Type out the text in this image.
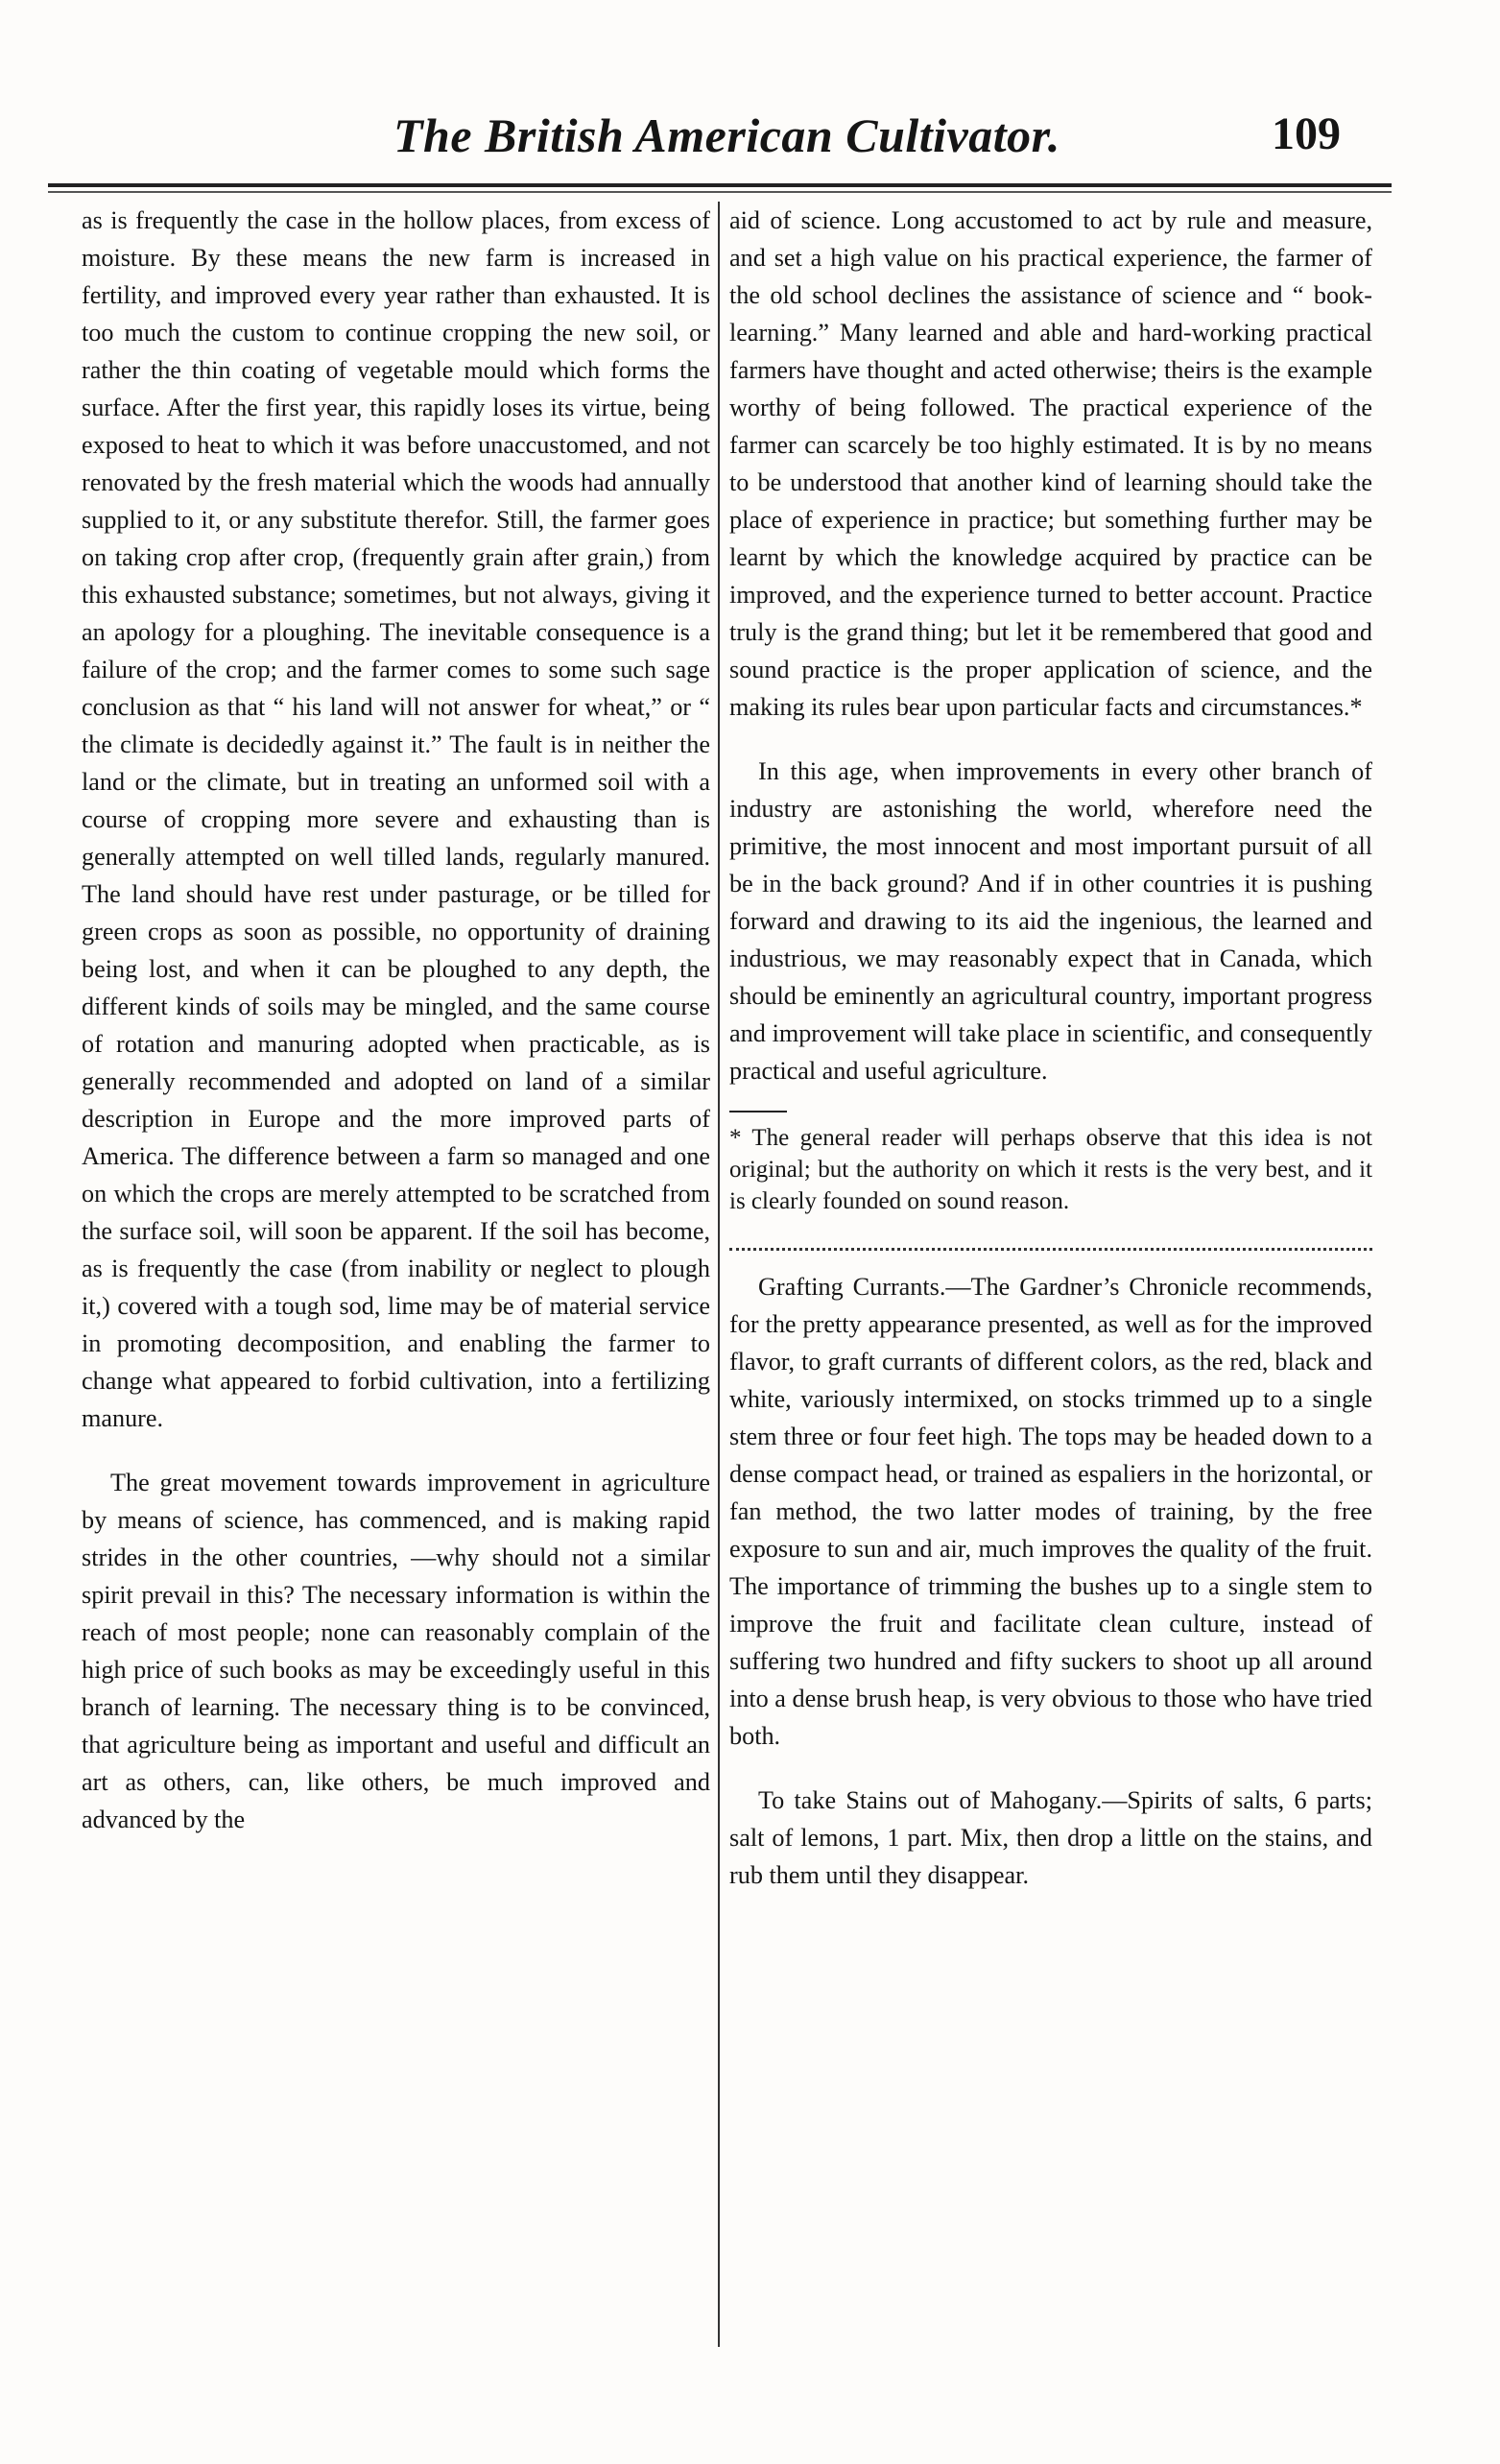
The British American Cultivator.	109

as is frequently the case in the hollow places, from excess of moisture. By these means the new farm is increased in fertility, and improved every year rather than exhausted. It is too much the custom to continue cropping the new soil, or rather the thin coating of vegetable mould which forms the surface. After the first year, this rapidly loses its virtue, being exposed to heat to which it was before unaccustomed, and not renovated by the fresh material which the woods had annually supplied to it, or any substitute therefor. Still, the farmer goes on taking crop after crop, (frequently grain after grain,) from this exhausted substance; sometimes, but not always, giving it an apology for a ploughing. The inevitable consequence is a failure of the crop; and the farmer comes to some such sage conclusion as that “ his land will not answer for wheat,” or “ the climate is decidedly against it.” The fault is in neither the land or the climate, but in treating an unformed soil with a course of cropping more severe and exhausting than is generally attempted on well tilled lands, regularly manured. The land should have rest under pasturage, or be tilled for green crops as soon as possible, no opportunity of draining being lost, and when it can be ploughed to any depth, the different kinds of soils may be mingled, and the same course of rotation and manuring adopted when practicable, as is generally recommended and adopted on land of a similar description in Europe and the more improved parts of America. The difference between a farm so managed and one on which the crops are merely attempted to be scratched from the surface soil, will soon be apparent. If the soil has become, as is frequently the case (from inability or neglect to plough it,) covered with a tough sod, lime may be of material service in promoting decomposition, and enabling the farmer to change what appeared to forbid cultivation, into a fertilizing manure.

The great movement towards improvement in agriculture by means of science, has commenced, and is making rapid strides in the other countries, —why should not a similar spirit prevail in this? The necessary information is within the reach of most people; none can reasonably complain of the high price of such books as may be exceedingly useful in this branch of learning. The necessary thing is to be convinced, that agriculture being as important and useful and difficult an art as others, can, like others, be much improved and advanced by the

aid of science. Long accustomed to act by rule and measure, and set a high value on his practical experience, the farmer of the old school declines the assistance of science and “ book-learning.” Many learned and able and hard-working practical farmers have thought and acted otherwise; theirs is the example worthy of being followed. The practical experience of the farmer can scarcely be too highly estimated. It is by no means to be understood that another kind of learning should take the place of experience in practice; but something further may be learnt by which the knowledge acquired by practice can be improved, and the experience turned to better account. Practice truly is the grand thing; but let it be remembered that good and sound practice is the proper application of science, and the making its rules bear upon particular facts and circumstances.*

In this age, when improvements in every other branch of industry are astonishing the world, wherefore need the primitive, the most innocent and most important pursuit of all be in the back ground? And if in other countries it is pushing forward and drawing to its aid the ingenious, the learned and industrious, we may reasonably expect that in Canada, which should be eminently an agricultural country, important progress and improvement will take place in scientific, and consequently practical and useful agriculture.

* The general reader will perhaps observe that this idea is not original; but the authority on which it rests is the very best, and it is clearly founded on sound reason.

Grafting Currants.—The Gardner’s Chronicle recommends, for the pretty appearance presented, as well as for the improved flavor, to graft currants of different colors, as the red, black and white, variously intermixed, on stocks trimmed up to a single stem three or four feet high. The tops may be headed down to a dense compact head, or trained as espaliers in the horizontal, or fan method, the two latter modes of training, by the free exposure to sun and air, much improves the quality of the fruit. The importance of trimming the bushes up to a single stem to improve the fruit and facilitate clean culture, instead of suffering two hundred and fifty suckers to shoot up all around into a dense brush heap, is very obvious to those who have tried both.

To take Stains out of Mahogany.—Spirits of salts, 6 parts; salt of lemons, 1 part. Mix, then drop a little on the stains, and rub them until they disappear.
